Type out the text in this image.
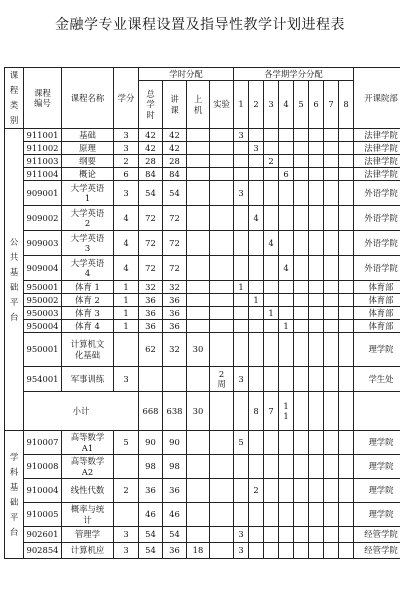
金融学专业课程设置及指导性教学计划进程表
课程类别	课程编号	课程名称	学分	学时分配				各学期学分分配								开课院部

				总学时	讲课	上机	实验	1	2	3	4	5	6	7	8	
公共基础平台	911001	基础	3	42	42			3								法律学院
	911002	原理	3	42	42				3							法律学院
	911003	纲要	2	28	28					2						法律学院
	911004	概论	6	84	84						6					法律学院
	909001	大学英语1	3	54	54			3								外语学院
	909002	大学英语2	4	72	72				4							外语学院
	909003	大学英语3	4	72	72					4						外语学院
	909004	大学英语4	4	72	72						4					外语学院
	950001	体育 1	1	32	32			1								体育部
	950002	体育 2	1	36	36				1							体育部
	950003	体育 3	1	36	36					1						体育部
	950004	体育 4	1	36	36						1					体育部
	950001	计算机文化基础		62	32	30										理学院
	954001	军事训练	3				2周	3								学生处
	小计			668	638	30			8	7	11					

学科基础平台	910007	高等数学A1	5	90	90			5								理学院
	910008	高等数学A2		98	98											理学院
	910004	线性代数	2	36	36				2							理学院
	910005	概率与统计		46	46											理学院
	902601	管理学	3	54	54			3								经管学院
	902854	计算机应	3	54	36	18		3								经管学院
